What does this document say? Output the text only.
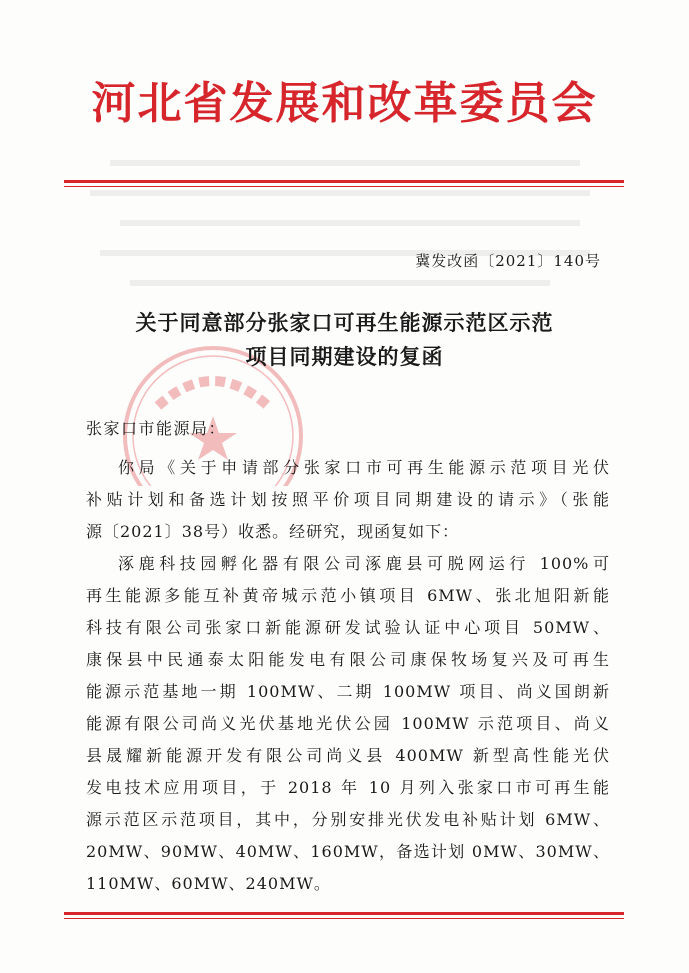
河北省发展和改革委员会
冀发改函〔2021〕140号
关于同意部分张家口可再生能源示范区示范
项目同期建设的复函
张家口市能源局：
你局《关于申请部分张家口市可再生能源示范项目光伏
补贴计划和备选计划按照平价项目同期建设的请示》（张能
源〔2021〕38号）收悉。经研究，现函复如下：
涿鹿科技园孵化器有限公司涿鹿县可脱网运行 100%可
再生能源多能互补黄帝城示范小镇项目 6MW、张北旭阳新能
科技有限公司张家口新能源研发试验认证中心项目 50MW、
康保县中民通泰太阳能发电有限公司康保牧场复兴及可再生
能源示范基地一期 100MW、二期 100MW 项目、尚义国朗新
能源有限公司尚义光伏基地光伏公园 100MW 示范项目、尚义
县晟耀新能源开发有限公司尚义县 400MW 新型高性能光伏
发电技术应用项目，于 2018 年 10 月列入张家口市可再生能
源示范区示范项目，其中，分别安排光伏发电补贴计划 6MW、
20MW、90MW、40MW、160MW，备选计划 0MW、30MW、
110MW、60MW、240MW。
